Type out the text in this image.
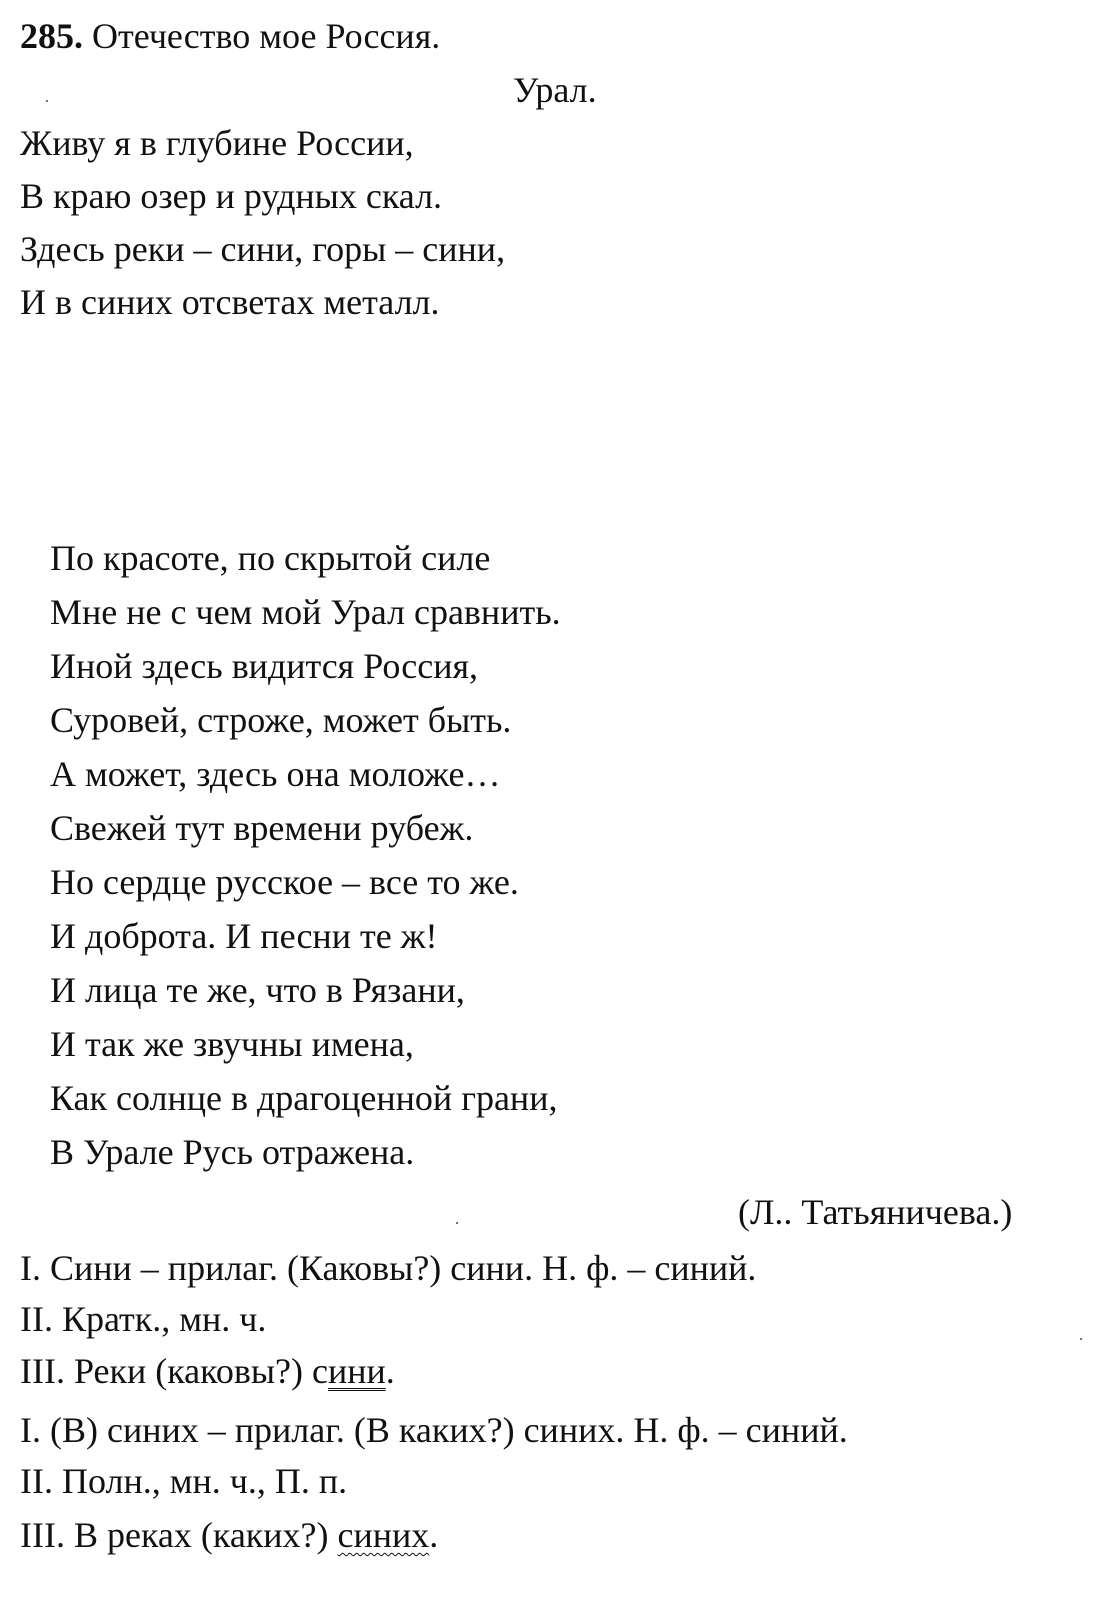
285. Отечество мое Россия.
Урал.
Живу я в глубине России,
В краю озер и рудных скал.
Здесь реки – сини, горы – сини,
И в синих отсветах металл.
По красоте, по скрытой силе
Мне не с чем мой Урал сравнить.
Иной здесь видится Россия,
Суровей, строже, может быть.
А может, здесь она моложе…
Свежей тут времени рубеж.
Но сердце русское – все то же.
И доброта. И песни те ж!
И лица те же, что в Рязани,
И так же звучны имена,
Как солнце в драгоценной грани,
В Урале Русь отражена.
(Л.. Татьяничева.)
I. Сини – прилаг. (Каковы?) сини. Н. ф. – синий.
II. Кратк., мн. ч.
III. Реки (каковы?) сини.
I. (В) синих – прилаг. (В каких?) синих. Н. ф. – синий.
II. Полн., мн. ч., П. п.
III. В реках (каких?) синих.
